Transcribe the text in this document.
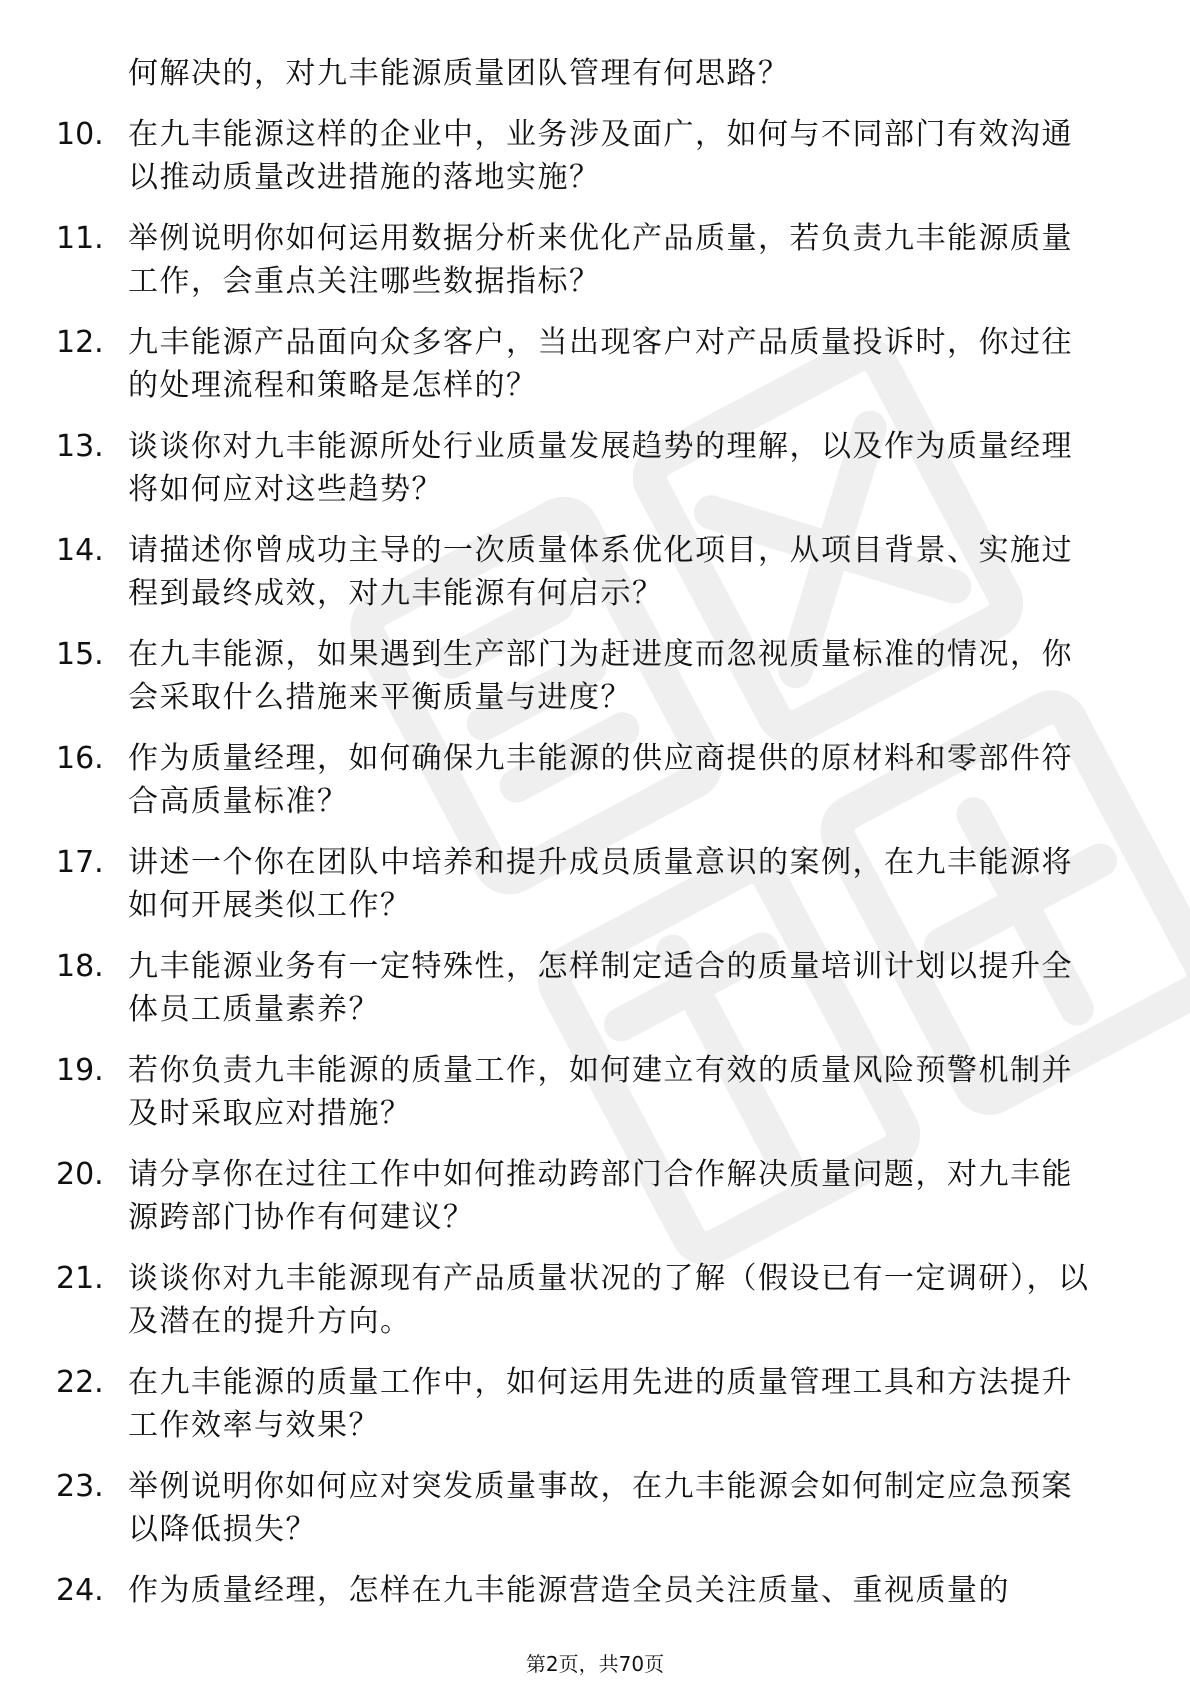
何解决的，对九丰能源质量团队管理有何思路？
10. 在九丰能源这样的企业中，业务涉及面广，如何与不同部门有效沟通以推动质量改进措施的落地实施？
11. 举例说明你如何运用数据分析来优化产品质量，若负责九丰能源质量工作，会重点关注哪些数据指标？
12. 九丰能源产品面向众多客户，当出现客户对产品质量投诉时，你过往的处理流程和策略是怎样的？
13. 谈谈你对九丰能源所处行业质量发展趋势的理解，以及作为质量经理将如何应对这些趋势？
14. 请描述你曾成功主导的一次质量体系优化项目，从项目背景、实施过程到最终成效，对九丰能源有何启示？
15. 在九丰能源，如果遇到生产部门为赶进度而忽视质量标准的情况，你会采取什么措施来平衡质量与进度？
16. 作为质量经理，如何确保九丰能源的供应商提供的原材料和零部件符合高质量标准？
17. 讲述一个你在团队中培养和提升成员质量意识的案例，在九丰能源将如何开展类似工作？
18. 九丰能源业务有一定特殊性，怎样制定适合的质量培训计划以提升全体员工质量素养？
19. 若你负责九丰能源的质量工作，如何建立有效的质量风险预警机制并及时采取应对措施？
20. 请分享你在过往工作中如何推动跨部门合作解决质量问题，对九丰能源跨部门协作有何建议？
21. 谈谈你对九丰能源现有产品质量状况的了解（假设已有一定调研），以及潜在的提升方向。
22. 在九丰能源的质量工作中，如何运用先进的质量管理工具和方法提升工作效率与效果？
23. 举例说明你如何应对突发质量事故，在九丰能源会如何制定应急预案以降低损失？
24. 作为质量经理，怎样在九丰能源营造全员关注质量、重视质量的
第2页，共70页
